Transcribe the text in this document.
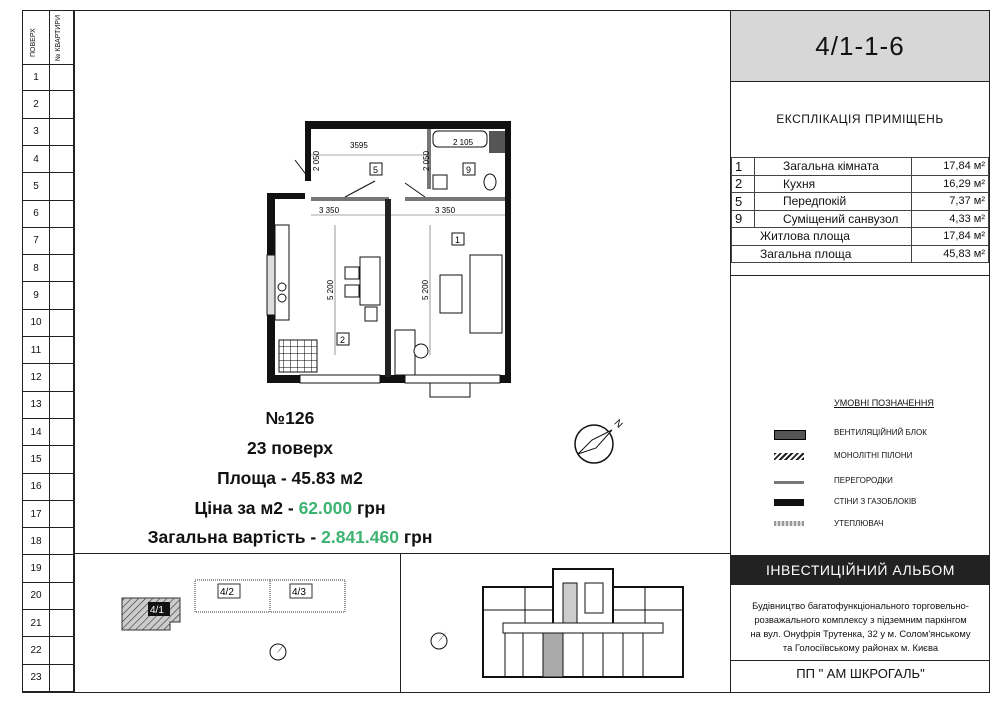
ПОВЕРХ	№ КВАРТИРИ
1
2
3
4
5
6
7
8
9
10
11
12
13
14
15
16
17
18
19
20
21
22
23
4/1-1-6
ЕКСПЛІКАЦІЯ ПРИМІЩЕНЬ
1	Загальна кімната	17,84 м²
2	Кухня	16,29 м²
5	Передпокій	7,37 м²
9	Суміщений санвузол	4,33 м²
Житлова площа		17,84 м²
Загальна площа		45,83 м²
УМОВНІ ПОЗНАЧЕННЯ
ВЕНТИЛЯЦІЙНИЙ БЛОК
МОНОЛІТНІ ПІЛОНИ
ПЕРЕГОРОДКИ
СТІНИ З ГАЗОБЛОКІВ
УТЕПЛЮВАЧ
ІНВЕСТИЦІЙНИЙ АЛЬБОМ
Будівництво багатофункціонального торговельно-
розважального комплексу з підземним паркінгом
на вул. Онуфрія Трутенка, 32 у м. Солом'янському
та Голосіївському районах м. Києва
ПП " АМ ШКРОГАЛЬ"
3595	2 105
2 050	2 050
3 350	3 350
5 200	5 200
5	9
1
2
N
№126
23 поверх
Площа - 45.83 м2
Ціна за м2 - 62.000 грн
Загальна вартість - 2.841.460 грн
4/1
4/2	4/3
